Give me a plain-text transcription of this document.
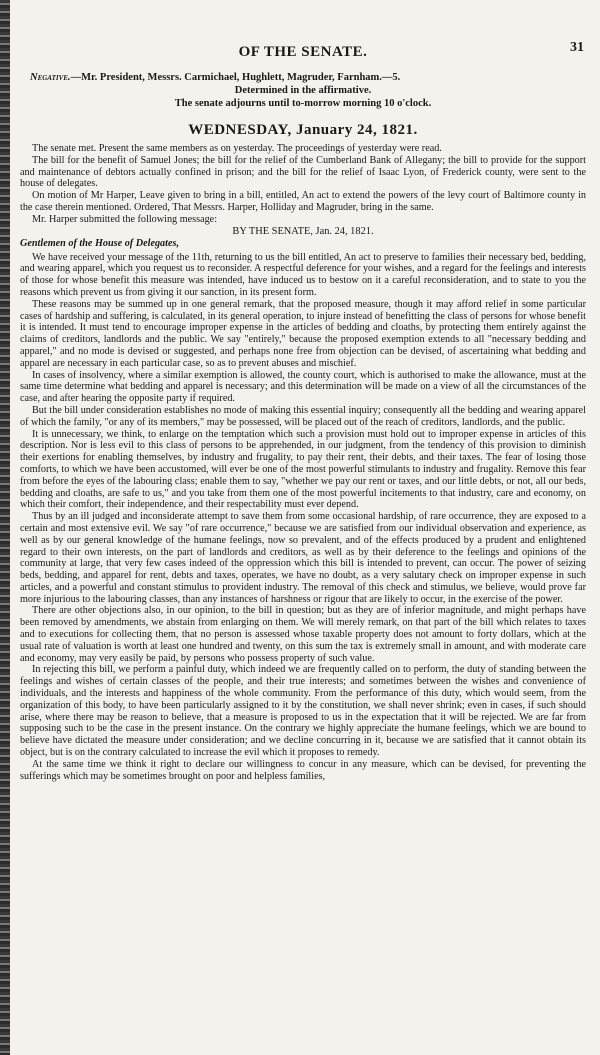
31
OF THE SENATE.

Negative.—Mr. President, Messrs. Carmichael, Hughlett, Magruder, Farnham.—5.

Determined in the affirmative.

The senate adjourns until to-morrow morning 10 o'clock.

WEDNESDAY, January 24, 1821.

The senate met. Present the same members as on yesterday. The proceedings of yesterday were read.

The bill for the benefit of Samuel Jones; the bill for the relief of the Cumberland Bank of Allegany; the bill to provide for the support and maintenance of debtors actually confined in prison; and the bill for the relief of Isaac Lyon, of Frederick county, were sent to the house of delegates.

On motion of Mr Harper, Leave given to bring in a bill, entitled, An act to extend the powers of the levy court of Baltimore county in the case therein mentioned. Ordered, That Messrs. Harper, Holliday and Magruder, bring in the same.

Mr. Harper submitted the following message:

BY THE SENATE, Jan. 24, 1821.

Gentlemen of the House of Delegates,

We have received your message of the 11th, returning to us the bill entitled, An act to preserve to families their necessary bed, bedding, and wearing apparel, which you request us to reconsider. A respectful deference for your wishes, and a regard for the feelings and interests of those for whose benefit this measure was intended, have induced us to bestow on it a careful reconsideration, and to state to you the reasons which prevent us from giving it our sanction, in its present form.

These reasons may be summed up in one general remark, that the proposed measure, though it may afford relief in some particular cases of hardship and suffering, is calculated, in its general operation, to injure instead of benefitting the class of persons for whose benefit it is intended. It must tend to encourage improper expense in the articles of bedding and cloaths, by protecting them entirely against the claims of creditors, landlords and the public. We say "entirely," because the proposed exemption extends to all "necessary bedding and apparel," and no mode is devised or suggested, and perhaps none free from objection can be devised, of ascertaining what bedding and apparel are necessary in each particular case, so as to prevent abuses and mischief.

In cases of insolvency, where a similar exemption is allowed, the county court, which is authorised to make the allowance, must at the same time determine what bedding and apparel is necessary; and this determination will be made on a view of all the circumstances of the case, and after hearing the opposite party if required.

But the bill under consideration establishes no mode of making this essential inquiry; consequently all the bedding and wearing apparel of which the family, "or any of its members," may be possessed, will be placed out of the reach of creditors, landlords, and the public.

It is unnecessary, we think, to enlarge on the temptation which such a provision must hold out to improper expense in articles of this description. Nor is less evil to this class of persons to be apprehended, in our judgment, from the tendency of this provision to diminish their exertions for enabling themselves, by industry and frugality, to pay their rent, their debts, and their taxes. The fear of losing those comforts, to which we have been accustomed, will ever be one of the most powerful stimulants to industry and frugality. Remove this fear from before the eyes of the labouring class; enable them to say, "whether we pay our rent or taxes, and our little debts, or not, all our beds, bedding and cloaths, are safe to us," and you take from them one of the most powerful incitements to that industry, care and economy, on which their comfort, their independence, and their respectability must ever depend.

Thus by an ill judged and inconsiderate attempt to save them from some occasional hardship, of rare occurrence, they are exposed to a certain and most extensive evil. We say "of rare occurrence," because we are satisfied from our individual observation and experience, as well as by our general knowledge of the humane feelings, now so prevalent, and of the effects produced by a prudent and enlightened regard to their own interests, on the part of landlords and creditors, as well as by their deference to the feelings and opinions of the community at large, that very few cases indeed of the oppression which this bill is intended to prevent, can occur. The power of seizing beds, bedding, and apparel for rent, debts and taxes, operates, we have no doubt, as a very salutary check on improper expense in such articles, and a powerful and constant stimulus to provident industry. The removal of this check and stimulus, we believe, would prove far more injurious to the labouring classes, than any instances of harshness or rigour that are likely to occur, in the exercise of the power.

There are other objections also, in our opinion, to the bill in question; but as they are of inferior magnitude, and might perhaps have been removed by amendments, we abstain from enlarging on them. We will merely remark, on that part of the bill which relates to taxes and to executions for collecting them, that no person is assessed whose taxable property does not amount to forty dollars, which at the usual rate of valuation is worth at least one hundred and twenty, on this sum the tax is extremely small in amount, and with moderate care and economy, may very easily be paid, by persons who possess property of such value.

In rejecting this bill, we perform a painful duty, which indeed we are frequently called on to perform, the duty of standing between the feelings and wishes of certain classes of the people, and their true interests; and sometimes between the wishes and convenience of individuals, and the interests and happiness of the whole community. From the performance of this duty, which would seem, from the organization of this body, to have been particularly assigned to it by the constitution, we shall never shrink; even in cases, if such should arise, where there may be reason to believe, that a measure is proposed to us in the expectation that it will be rejected. We are far from supposing such to be the case in the present instance. On the contrary we highly appreciate the humane feelings, which we are bound to believe have dictated the measure under consideration; and we decline concurring in it, because we are satisfied that it cannot obtain its object, but is on the contrary calculated to increase the evil which it proposes to remedy.

At the same time we think it right to declare our willingness to concur in any measure, which can be devised, for preventing the sufferings which may be sometimes brought on poor and helpless families,
